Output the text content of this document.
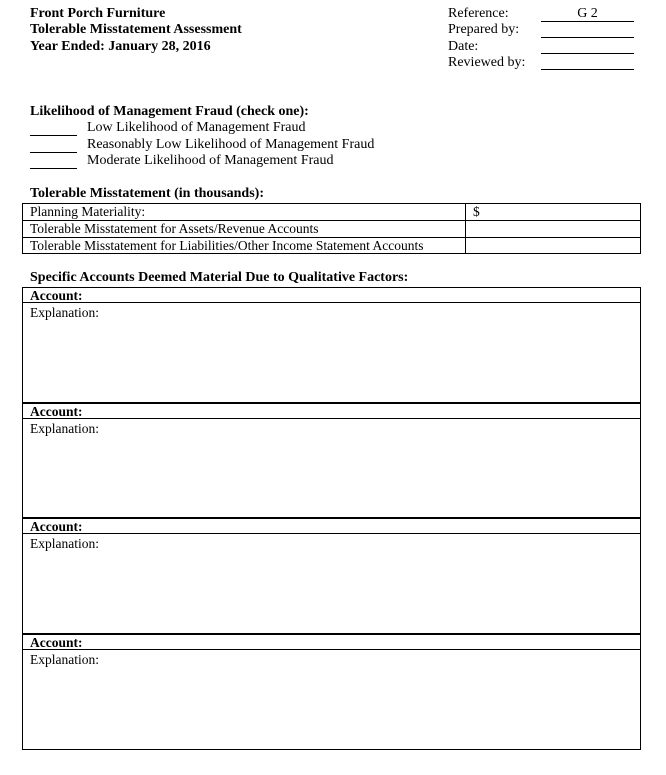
Front Porch Furniture
Tolerable Misstatement Assessment
Year Ended: January 28, 2016
Reference:	G 2
Prepared by:
Date:
Reviewed by:
Likelihood of Management Fraud (check one):
Low Likelihood of Management Fraud
Reasonably Low Likelihood of Management Fraud
Moderate Likelihood of Management Fraud
Tolerable Misstatement (in thousands):
Planning Materiality:	$
Tolerable Misstatement for Assets/Revenue Accounts
Tolerable Misstatement for Liabilities/Other Income Statement Accounts
Specific Accounts Deemed Material Due to Qualitative Factors:
Account:
Explanation:
Account:
Explanation:
Account:
Explanation:
Account:
Explanation:
